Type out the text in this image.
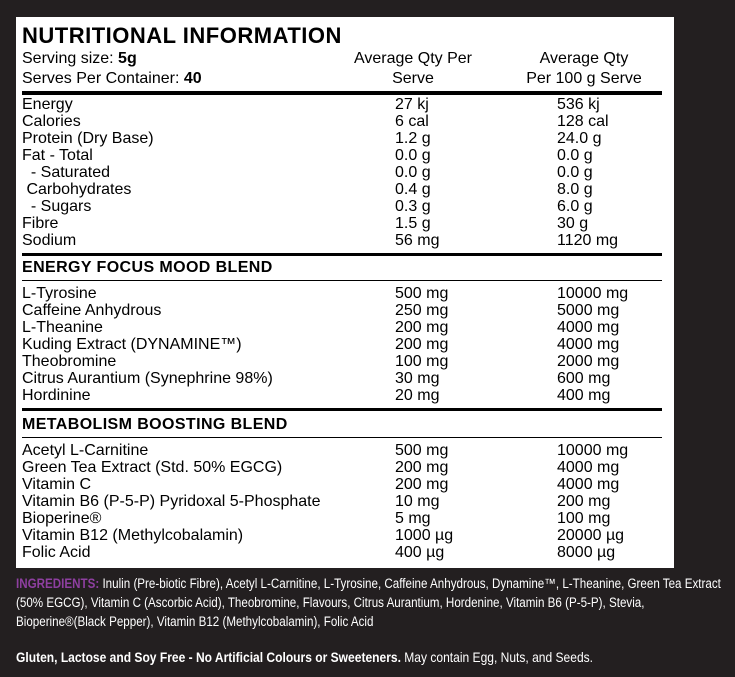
NUTRITIONAL INFORMATION
Serving size: 5g
Serves Per Container: 40
Average Qty Per
Serve
Average Qty
Per 100 g Serve
Energy	27 kj	536 kj
Calories	6 cal	128 cal
Protein (Dry Base)	1.2 g	24.0 g
Fat - Total	0.0 g	0.0 g
- Saturated	0.0 g	0.0 g
Carbohydrates	0.4 g	8.0 g
- Sugars	0.3 g	6.0 g
Fibre	1.5 g	30 g
Sodium	56 mg	1120 mg
ENERGY FOCUS MOOD BLEND
L-Tyrosine	500 mg	10000 mg
Caffeine Anhydrous	250 mg	5000 mg
L-Theanine	200 mg	4000 mg
Kuding Extract (DYNAMINE™)	200 mg	4000 mg
Theobromine	100 mg	2000 mg
Citrus Aurantium (Synephrine 98%)	30 mg	600 mg
Hordinine	20 mg	400 mg
METABOLISM BOOSTING BLEND
Acetyl L-Carnitine	500 mg	10000 mg
Green Tea Extract (Std. 50% EGCG)	200 mg	4000 mg
Vitamin C	200 mg	4000 mg
Vitamin B6 (P-5-P) Pyridoxal 5-Phosphate	10 mg	200 mg
Bioperine®	5 mg	100 mg
Vitamin B12 (Methylcobalamin)	1000 µg	20000 µg
Folic Acid	400 µg	8000 µg
INGREDIENTS: Inulin (Pre-biotic Fibre), Acetyl L-Carnitine, L-Tyrosine, Caffeine Anhydrous, Dynamine™, L-Theanine, Green Tea Extract (50% EGCG), Vitamin C (Ascorbic Acid), Theobromine, Flavours, Citrus Aurantium, Hordenine, Vitamin B6 (P-5-P), Stevia, Bioperine®(Black Pepper), Vitamin B12 (Methylcobalamin), Folic Acid
Gluten, Lactose and Soy Free - No Artificial Colours or Sweeteners. May contain Egg, Nuts, and Seeds.
